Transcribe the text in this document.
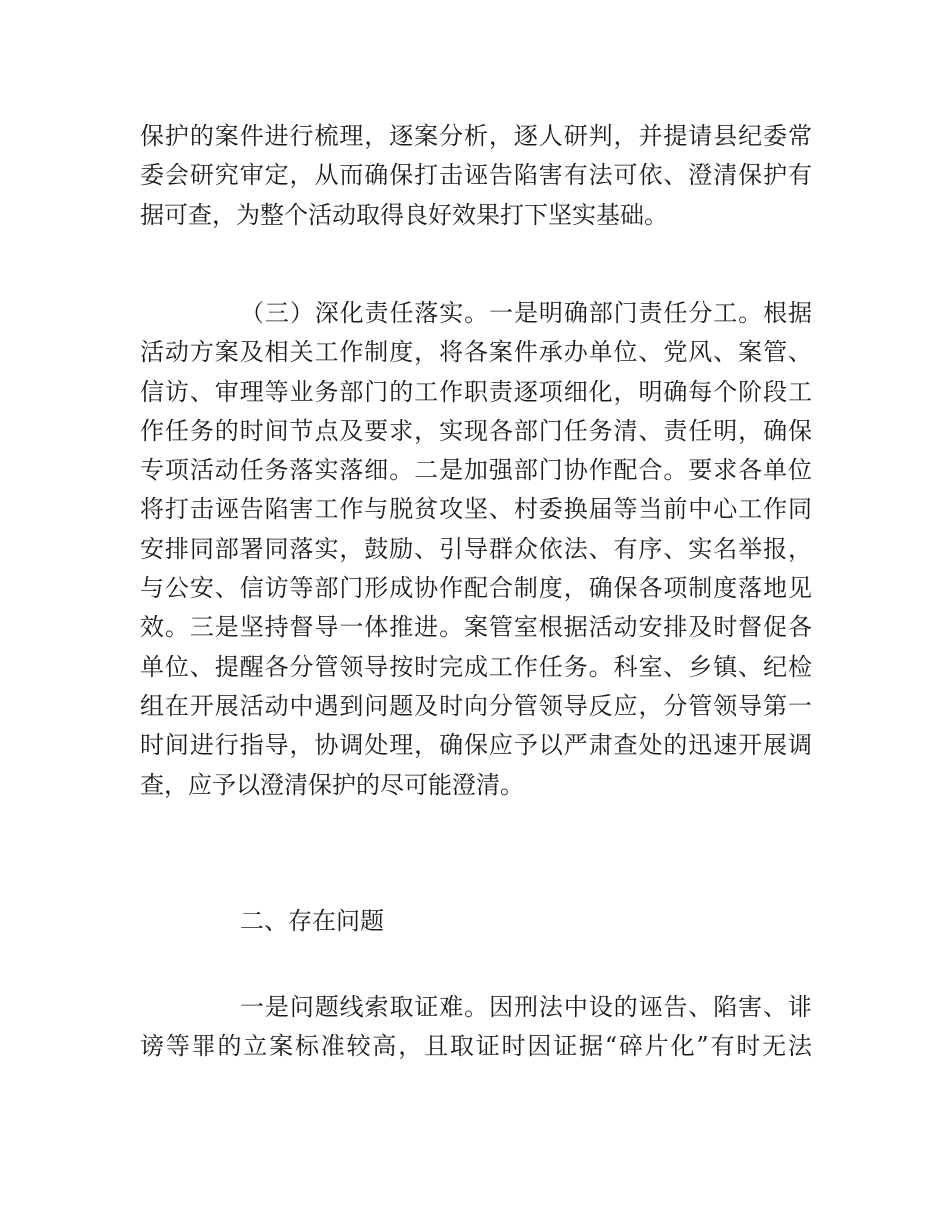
保护的案件进行梳理，逐案分析，逐人研判，并提请县纪委常
委会研究审定，从而确保打击诬告陷害有法可依、澄清保护有
据可查，为整个活动取得良好效果打下坚实基础。
（三）深化责任落实。一是明确部门责任分工。根据
活动方案及相关工作制度，将各案件承办单位、党风、案管、
信访、审理等业务部门的工作职责逐项细化，明确每个阶段工
作任务的时间节点及要求，实现各部门任务清、责任明，确保
专项活动任务落实落细。二是加强部门协作配合。要求各单位
将打击诬告陷害工作与脱贫攻坚、村委换届等当前中心工作同
安排同部署同落实，鼓励、引导群众依法、有序、实名举报，
与公安、信访等部门形成协作配合制度，确保各项制度落地见
效。三是坚持督导一体推进。案管室根据活动安排及时督促各
单位、提醒各分管领导按时完成工作任务。科室、乡镇、纪检
组在开展活动中遇到问题及时向分管领导反应，分管领导第一
时间进行指导，协调处理，确保应予以严肃查处的迅速开展调
查，应予以澄清保护的尽可能澄清。
二、存在问题
一是问题线索取证难。因刑法中设的诬告、陷害、诽
谤等罪的立案标准较高，且取证时因证据“碎片化”有时无法
